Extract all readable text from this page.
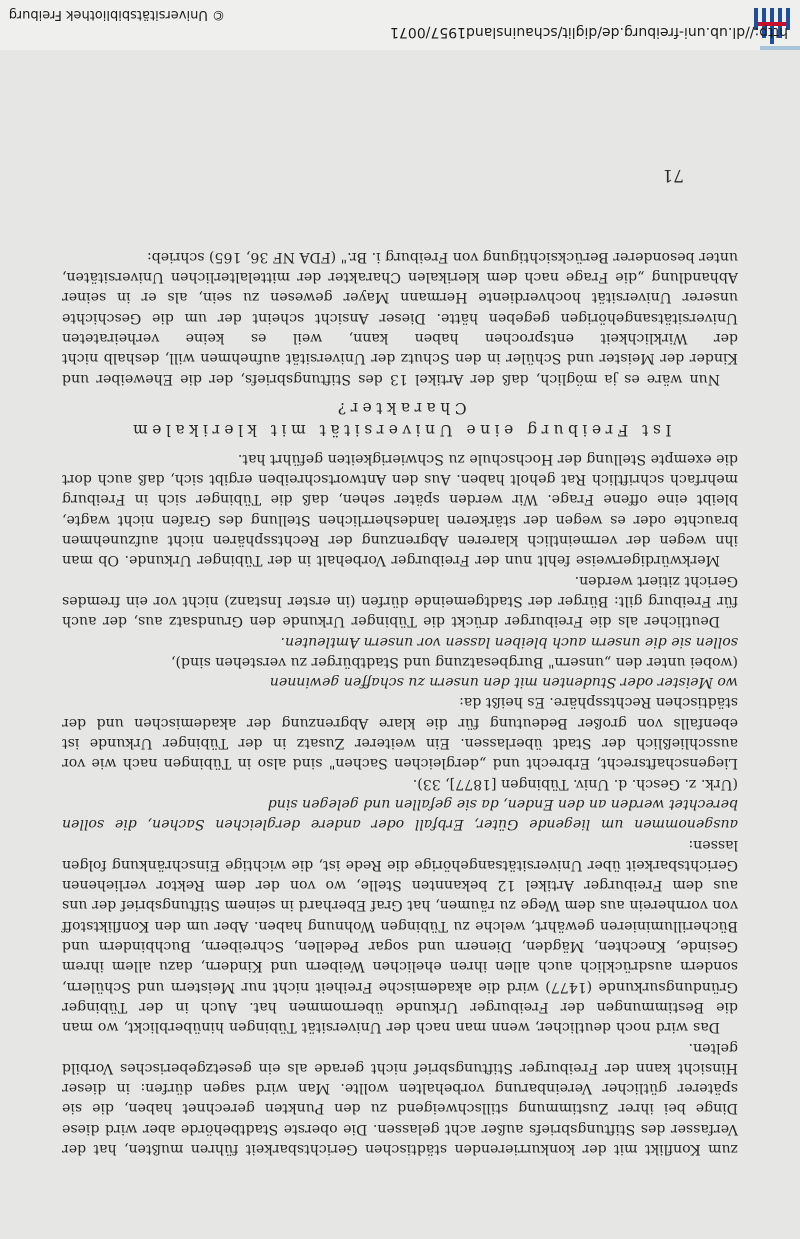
zum Konflikt mit der konkurrierenden städtischen Gerichtsbarkeit führen mußten, hat der Verfasser des Stiftungsbriefs außer acht gelassen. Die oberste Stadtbehörde aber wird diese Dinge bei ihrer Zustimmung stillschweigend zu den Punkten gerechnet haben, die sie späterer gütlicher Vereinbarung vorbehalten wollte. Man wird sagen dürfen: in dieser Hinsicht kann der Freiburger Stiftungsbrief nicht gerade als ein gesetzgeberisches Vorbild gelten.

Das wird noch deutlicher, wenn man nach der Universität Tübingen hinüberblickt, wo man die Bestimmungen der Freiburger Urkunde übernommen hat. Auch in der Tübinger Gründungsurkunde (1477) wird die akademische Freiheit nicht nur Meistern und Schülern, sondern ausdrücklich auch allen ihren ehelichen Weibern und Kindern, dazu allem ihrem Gesinde, Knechten, Mägden, Dienern und sogar Pedellen, Schreibern, Buchbindern und Bücherilluminieren gewährt, welche zu Tübingen Wohnung haben. Aber um den Konfliktstoff von vornherein aus dem Wege zu räumen, hat Graf Eberhard in seinem Stiftungsbrief der uns aus dem Freiburger Artikel 12 bekannten Stelle, wo von der dem Rektor verliehenen Gerichtsbarkeit über Universitätsangehörige die Rede ist, die wichtige Einschränkung folgen lassen:

ausgenommen um liegende Güter, Erbfall oder andere dergleichen Sachen, die sollen berechtet werden an den Enden, da sie gefallen und gelegen sind

(Urk. z. Gesch. d. Univ. Tübingen [1877], 33).

Liegenschaftsrecht, Erbrecht und „dergleichen Sachen" sind also in Tübingen nach wie vor ausschließlich der Stadt überlassen. Ein weiterer Zusatz in der Tübinger Urkunde ist ebenfalls von großer Bedeutung für die klare Abgrenzung der akademischen und der städtischen Rechtssphäre. Es heißt da:

wo Meister oder Studenten mit den unsern zu schaffen gewinnen

(wobei unter den „unsern" Burgbesatzung und Stadtbürger zu verstehen sind),

sollen sie die unsern auch bleiben lassen vor unsern Amtleuten.

Deutlicher als die Freiburger drückt die Tübinger Urkunde den Grundsatz aus, der auch für Freiburg gilt: Bürger der Stadtgemeinde dürfen (in erster Instanz) nicht vor ein fremdes Gericht zitiert werden.

Merkwürdigerweise fehlt nun der Freiburger Vorbehalt in der Tübinger Urkunde. Ob man ihn wegen der vermeintlich klareren Abgrenzung der Rechtssphären nicht aufzunehmen brauchte oder es wegen der stärkeren landesherrlichen Stellung des Grafen nicht wagte, bleibt eine offene Frage. Wir werden später sehen, daß die Tübinger sich in Freiburg mehrfach schriftlich Rat geholt haben. Aus den Antwortschreiben ergibt sich, daß auch dort die exempte Stellung der Hochschule zu Schwierigkeiten geführt hat.

Ist Freiburg eine Universität mit klerikalem Charakter?

Nun wäre es ja möglich, daß der Artikel 13 des Stiftungsbriefs, der die Eheweiber und Kinder der Meister und Schüler in den Schutz der Universität aufnehmen will, deshalb nicht der Wirklichkeit entsprochen haben kann, weil es keine verheirateten Universitätsangehörigen gegeben hätte. Dieser Ansicht scheint der um die Geschichte unserer Universität hochverdiente Hermann Mayer gewesen zu sein, als er in seiner Abhandlung „die Frage nach dem klerikalen Charakter der mittelalterlichen Universitäten, unter besonderer Berücksichtigung von Freiburg i. Br." (FDA NF 36, 165) schrieb:

71

http://dl.ub.uni-freiburg.de/diglit/schauinsland1957/0071
© Universitätsbibliothek Freiburg
